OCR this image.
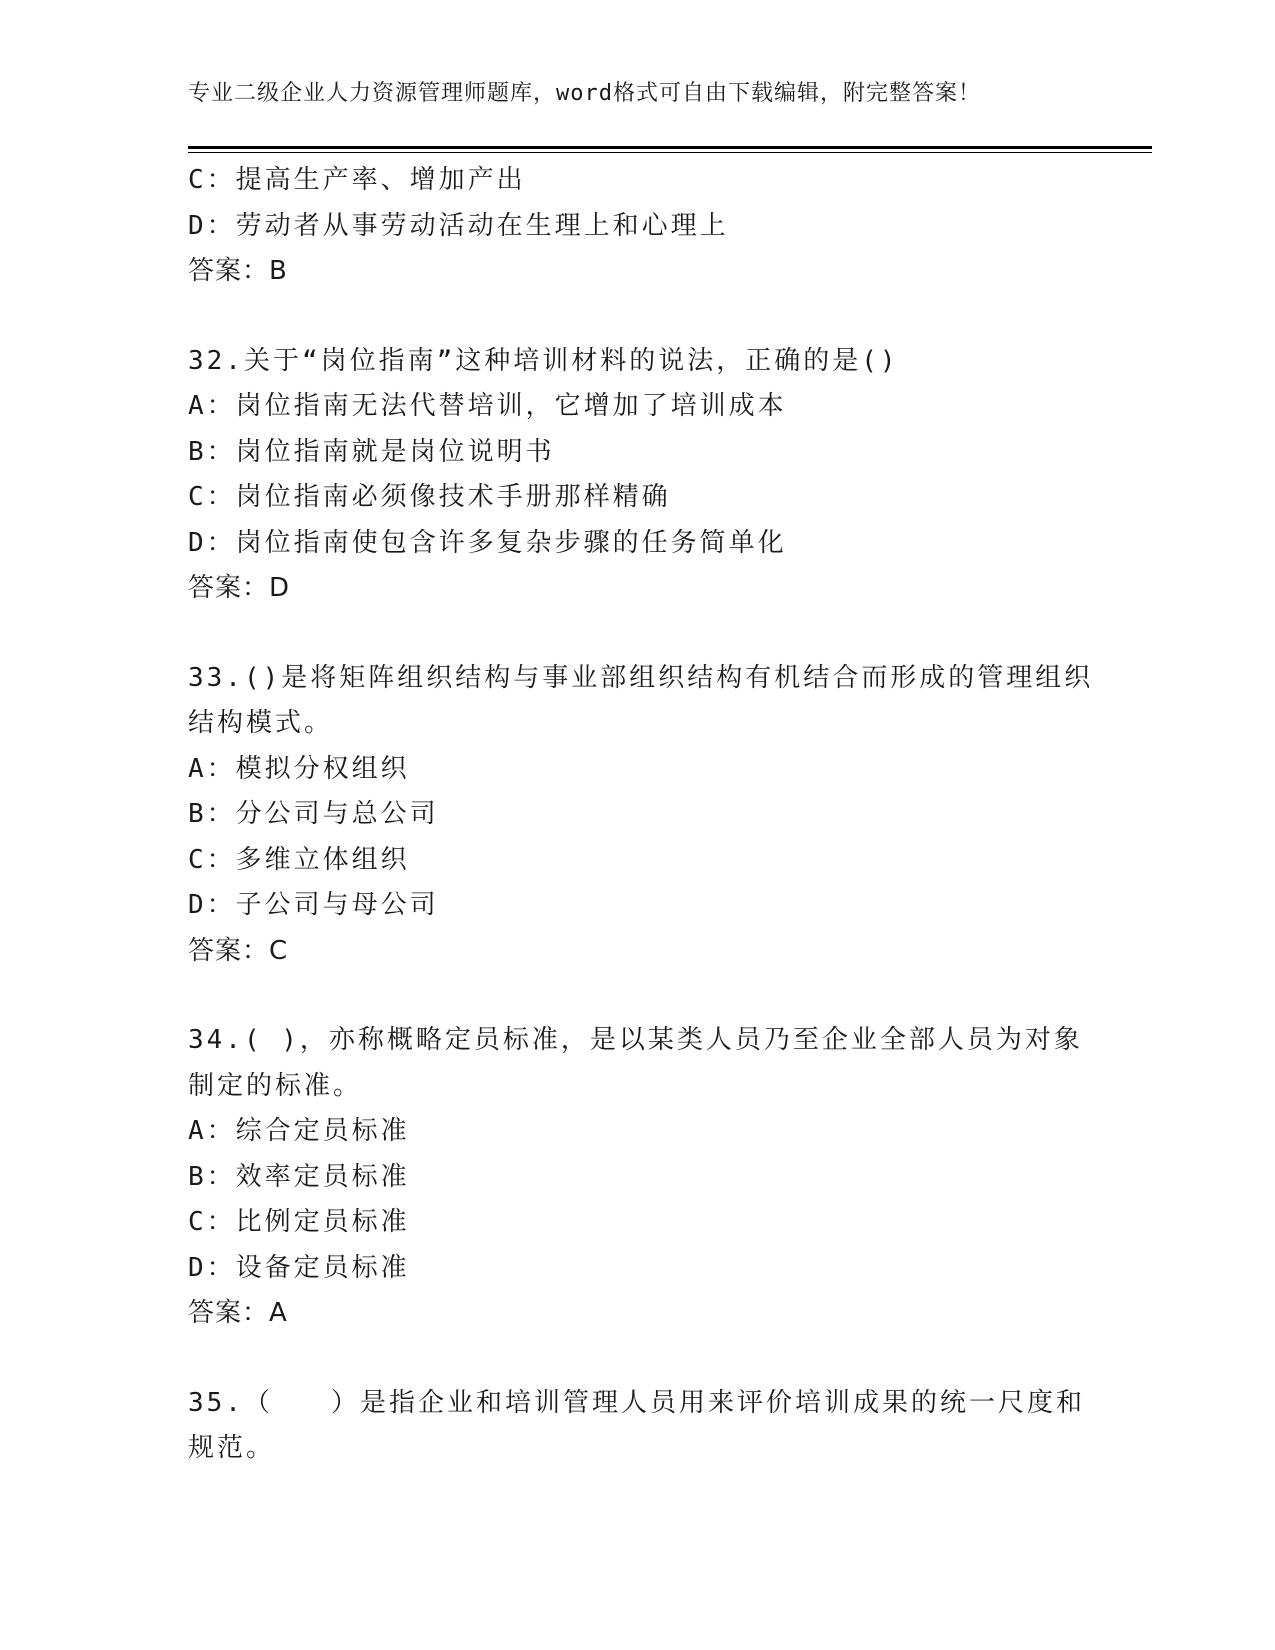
专业二级企业人力资源管理师题库，word格式可自由下载编辑，附完整答案！
C：提高生产率、增加产出
D：劳动者从事劳动活动在生理上和心理上
答案：B
32.关于“岗位指南”这种培训材料的说法，正确的是()
A：岗位指南无法代替培训，它增加了培训成本
B：岗位指南就是岗位说明书
C：岗位指南必须像技术手册那样精确
D：岗位指南使包含许多复杂步骤的任务简单化
答案：D
33.()是将矩阵组织结构与事业部组织结构有机结合而形成的管理组织
结构模式。
A：模拟分权组织
B：分公司与总公司
C：多维立体组织
D：子公司与母公司
答案：C
34.( )，亦称概略定员标准，是以某类人员乃至企业全部人员为对象
制定的标准。
A：综合定员标准
B：效率定员标准
C：比例定员标准
D：设备定员标准
答案：A
35.（　　）是指企业和培训管理人员用来评价培训成果的统一尺度和
规范。
